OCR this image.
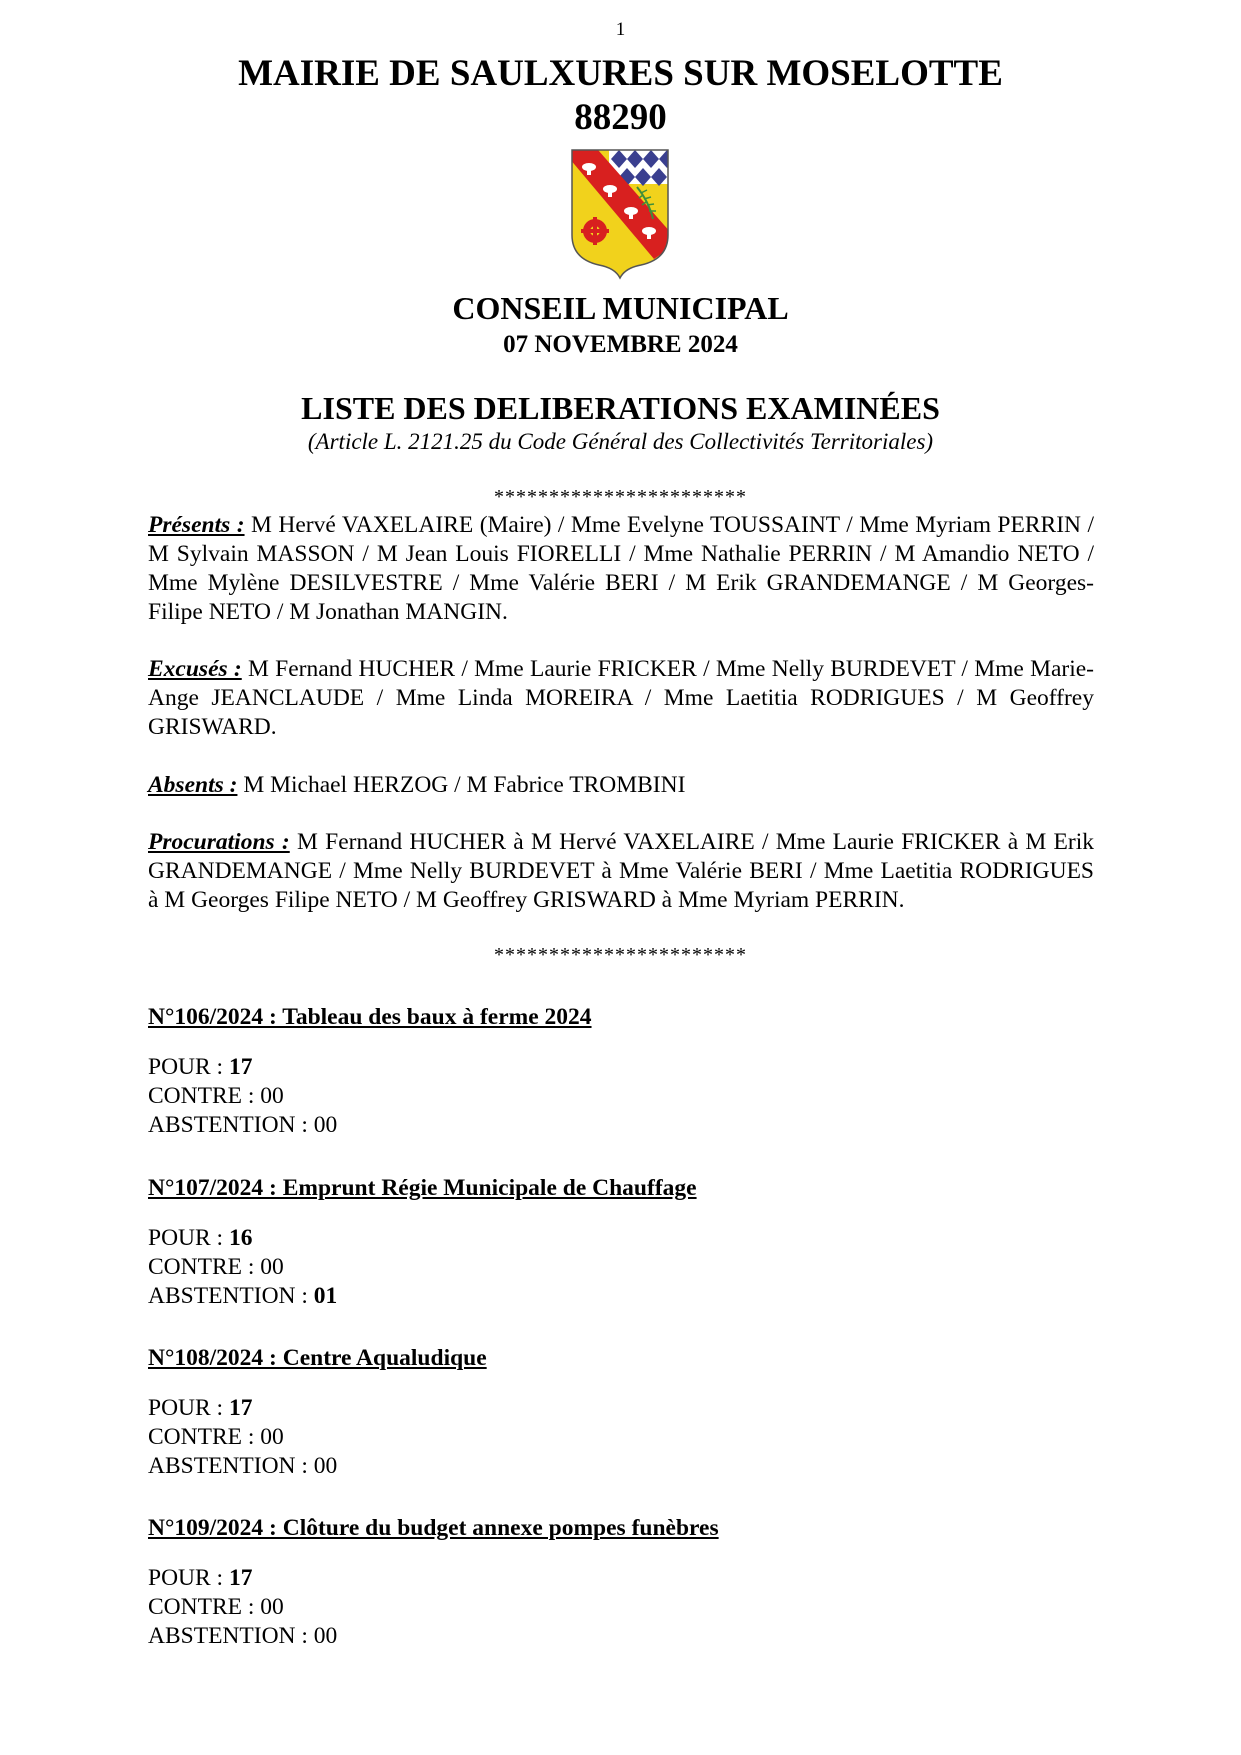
1
MAIRIE DE SAULXURES SUR MOSELOTTE
88290
CONSEIL MUNICIPAL
07 NOVEMBRE 2024
LISTE DES DELIBERATIONS EXAMINÉES
(Article L. 2121.25 du Code Général des Collectivités Territoriales)
***********************
Présents : M Hervé VAXELAIRE (Maire) / Mme Evelyne TOUSSAINT / Mme Myriam PERRIN / M Sylvain MASSON / M Jean Louis FIORELLI / Mme Nathalie PERRIN / M Amandio NETO / Mme Mylène DESILVESTRE / Mme Valérie BERI / M Erik GRANDEMANGE / M Georges-Filipe NETO / M Jonathan MANGIN.
Excusés : M Fernand HUCHER / Mme Laurie FRICKER / Mme Nelly BURDEVET / Mme Marie-Ange JEANCLAUDE / Mme Linda MOREIRA / Mme Laetitia RODRIGUES / M Geoffrey GRISWARD.
Absents : M Michael HERZOG / M Fabrice TROMBINI
Procurations : M Fernand HUCHER à M Hervé VAXELAIRE / Mme Laurie FRICKER à M Erik GRANDEMANGE / Mme Nelly BURDEVET à Mme Valérie BERI / Mme Laetitia RODRIGUES à M Georges Filipe NETO / M Geoffrey GRISWARD à Mme Myriam PERRIN.
***********************
N°106/2024 : Tableau des baux à ferme 2024
POUR : 17
CONTRE : 00
ABSTENTION : 00
N°107/2024 : Emprunt Régie Municipale de Chauffage
POUR : 16
CONTRE : 00
ABSTENTION : 01
N°108/2024 : Centre Aqualudique
POUR : 17
CONTRE : 00
ABSTENTION : 00
N°109/2024 : Clôture du budget annexe pompes funèbres
POUR : 17
CONTRE : 00
ABSTENTION : 00
